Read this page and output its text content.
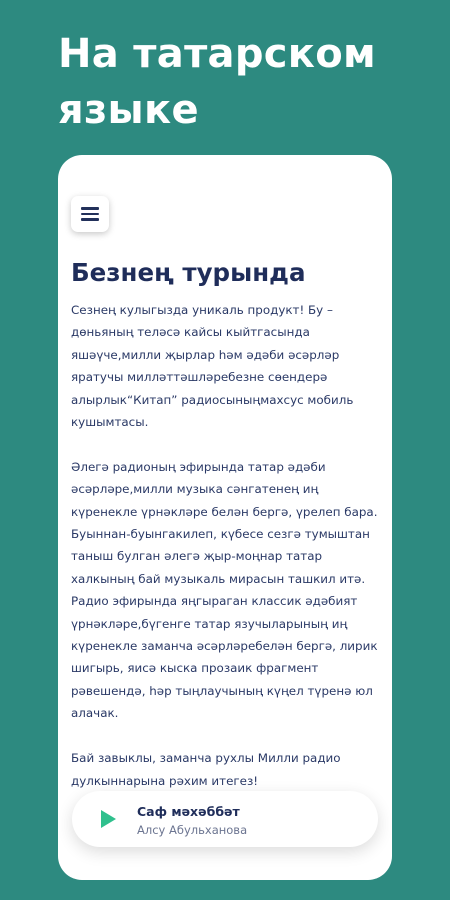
На татарском
языке
Безнең турында

Сезнең кулыгызда уникаль продукт! Бу – дөньяның теләсә кайсы кыйтгасында яшәүче,милли җырлар һәм әдәби әсәрләр яратучы милләттәшләребезне сөендерә алырлык“Китап” радиосыныңмахсус мобиль кушымтасы.

Әлегә радионың эфирында татар әдәби әсәрләре,милли музыка сәнгатенең иң күренекле үрнәкләре белән бергә, үрелеп бара. Буыннан-буынгакилеп, күбесе сезгә тумыштан таныш булган әлегә җыр-моңнар татар халкының бай музыкаль мирасын ташкил итә. Радио эфирында яңгыраган классик әдәбият үрнәкләре,бүгенге татар язучыларының иң күренекле заманча әсәрләребелән бергә, лирик шигырь, яисә кыска прозаик фрагмент рәвешендә, һәр тыңлаучының күңел түренә юл алачак.

Бай завыклы, заманча рухлы Милли радио дулкыннарына рәхим итегез!

Саф мәхәббәт
Алсу Абульханова
